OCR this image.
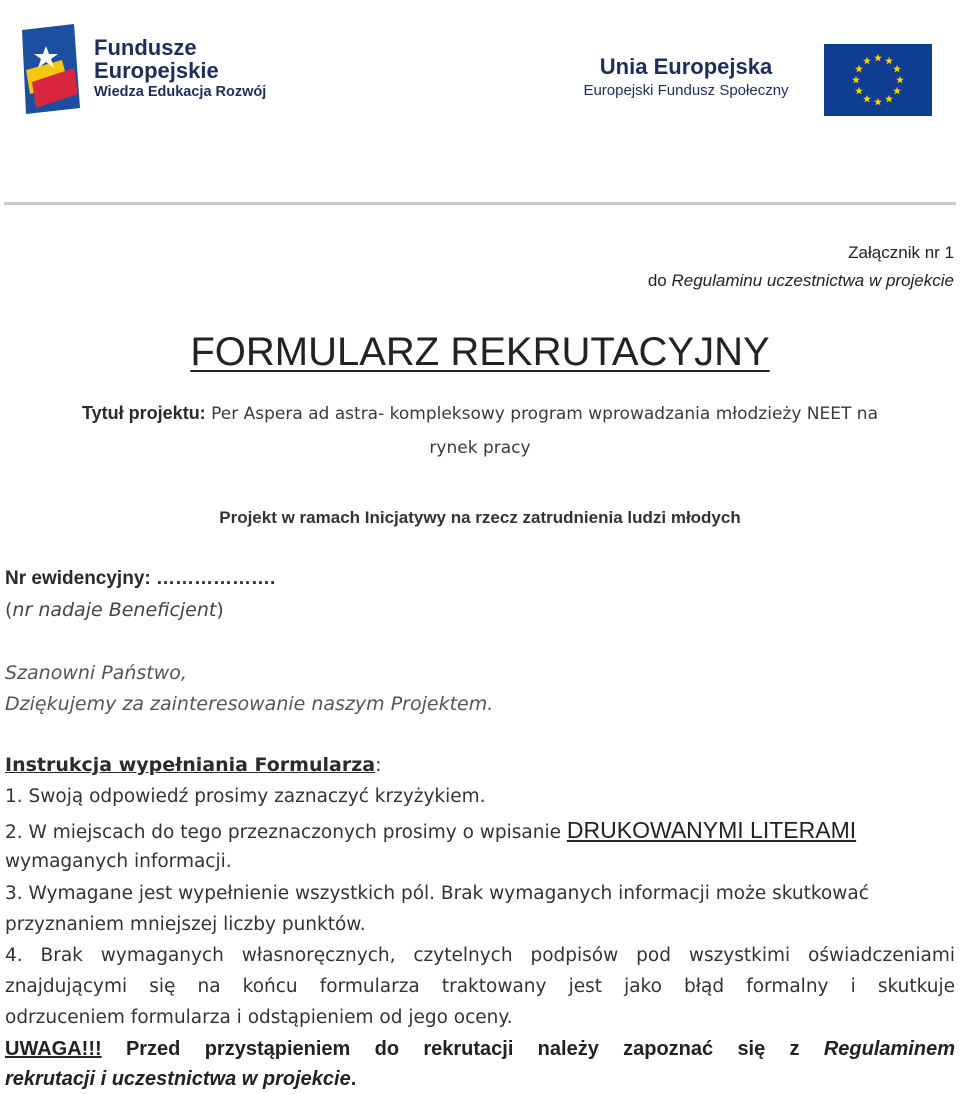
Fundusze
Europejskie
Wiedza Edukacja Rozwój
Unia Europejska
Europejski Fundusz Społeczny
Załącznik nr 1
do Regulaminu uczestnictwa w projekcie
FORMULARZ REKRUTACYJNY
Tytuł projektu: Per Aspera ad astra- kompleksowy program wprowadzania młodzieży NEET na
rynek pracy
Projekt w ramach Inicjatywy na rzecz zatrudnienia ludzi młodych
Nr ewidencyjny: ……………….
(nr nadaje Beneficjent)
Szanowni Państwo,
Dziękujemy za zainteresowanie naszym Projektem.
Instrukcja wypełniania Formularza:
1. Swoją odpowiedź prosimy zaznaczyć krzyżykiem.
2. W miejscach do tego przeznaczonych prosimy o wpisanie DRUKOWANYMI LITERAMI
wymaganych informacji.
3. Wymagane jest wypełnienie wszystkich pól. Brak wymaganych informacji może skutkować
przyznaniem mniejszej liczby punktów.
4. Brak wymaganych własnoręcznych, czytelnych podpisów pod wszystkimi oświadczeniami
znajdującymi się na końcu formularza traktowany jest jako błąd formalny i skutkuje
odrzuceniem formularza i odstąpieniem od jego oceny.
UWAGA!!! Przed przystąpieniem do rekrutacji należy zapoznać się z Regulaminem
rekrutacji i uczestnictwa w projekcie.
